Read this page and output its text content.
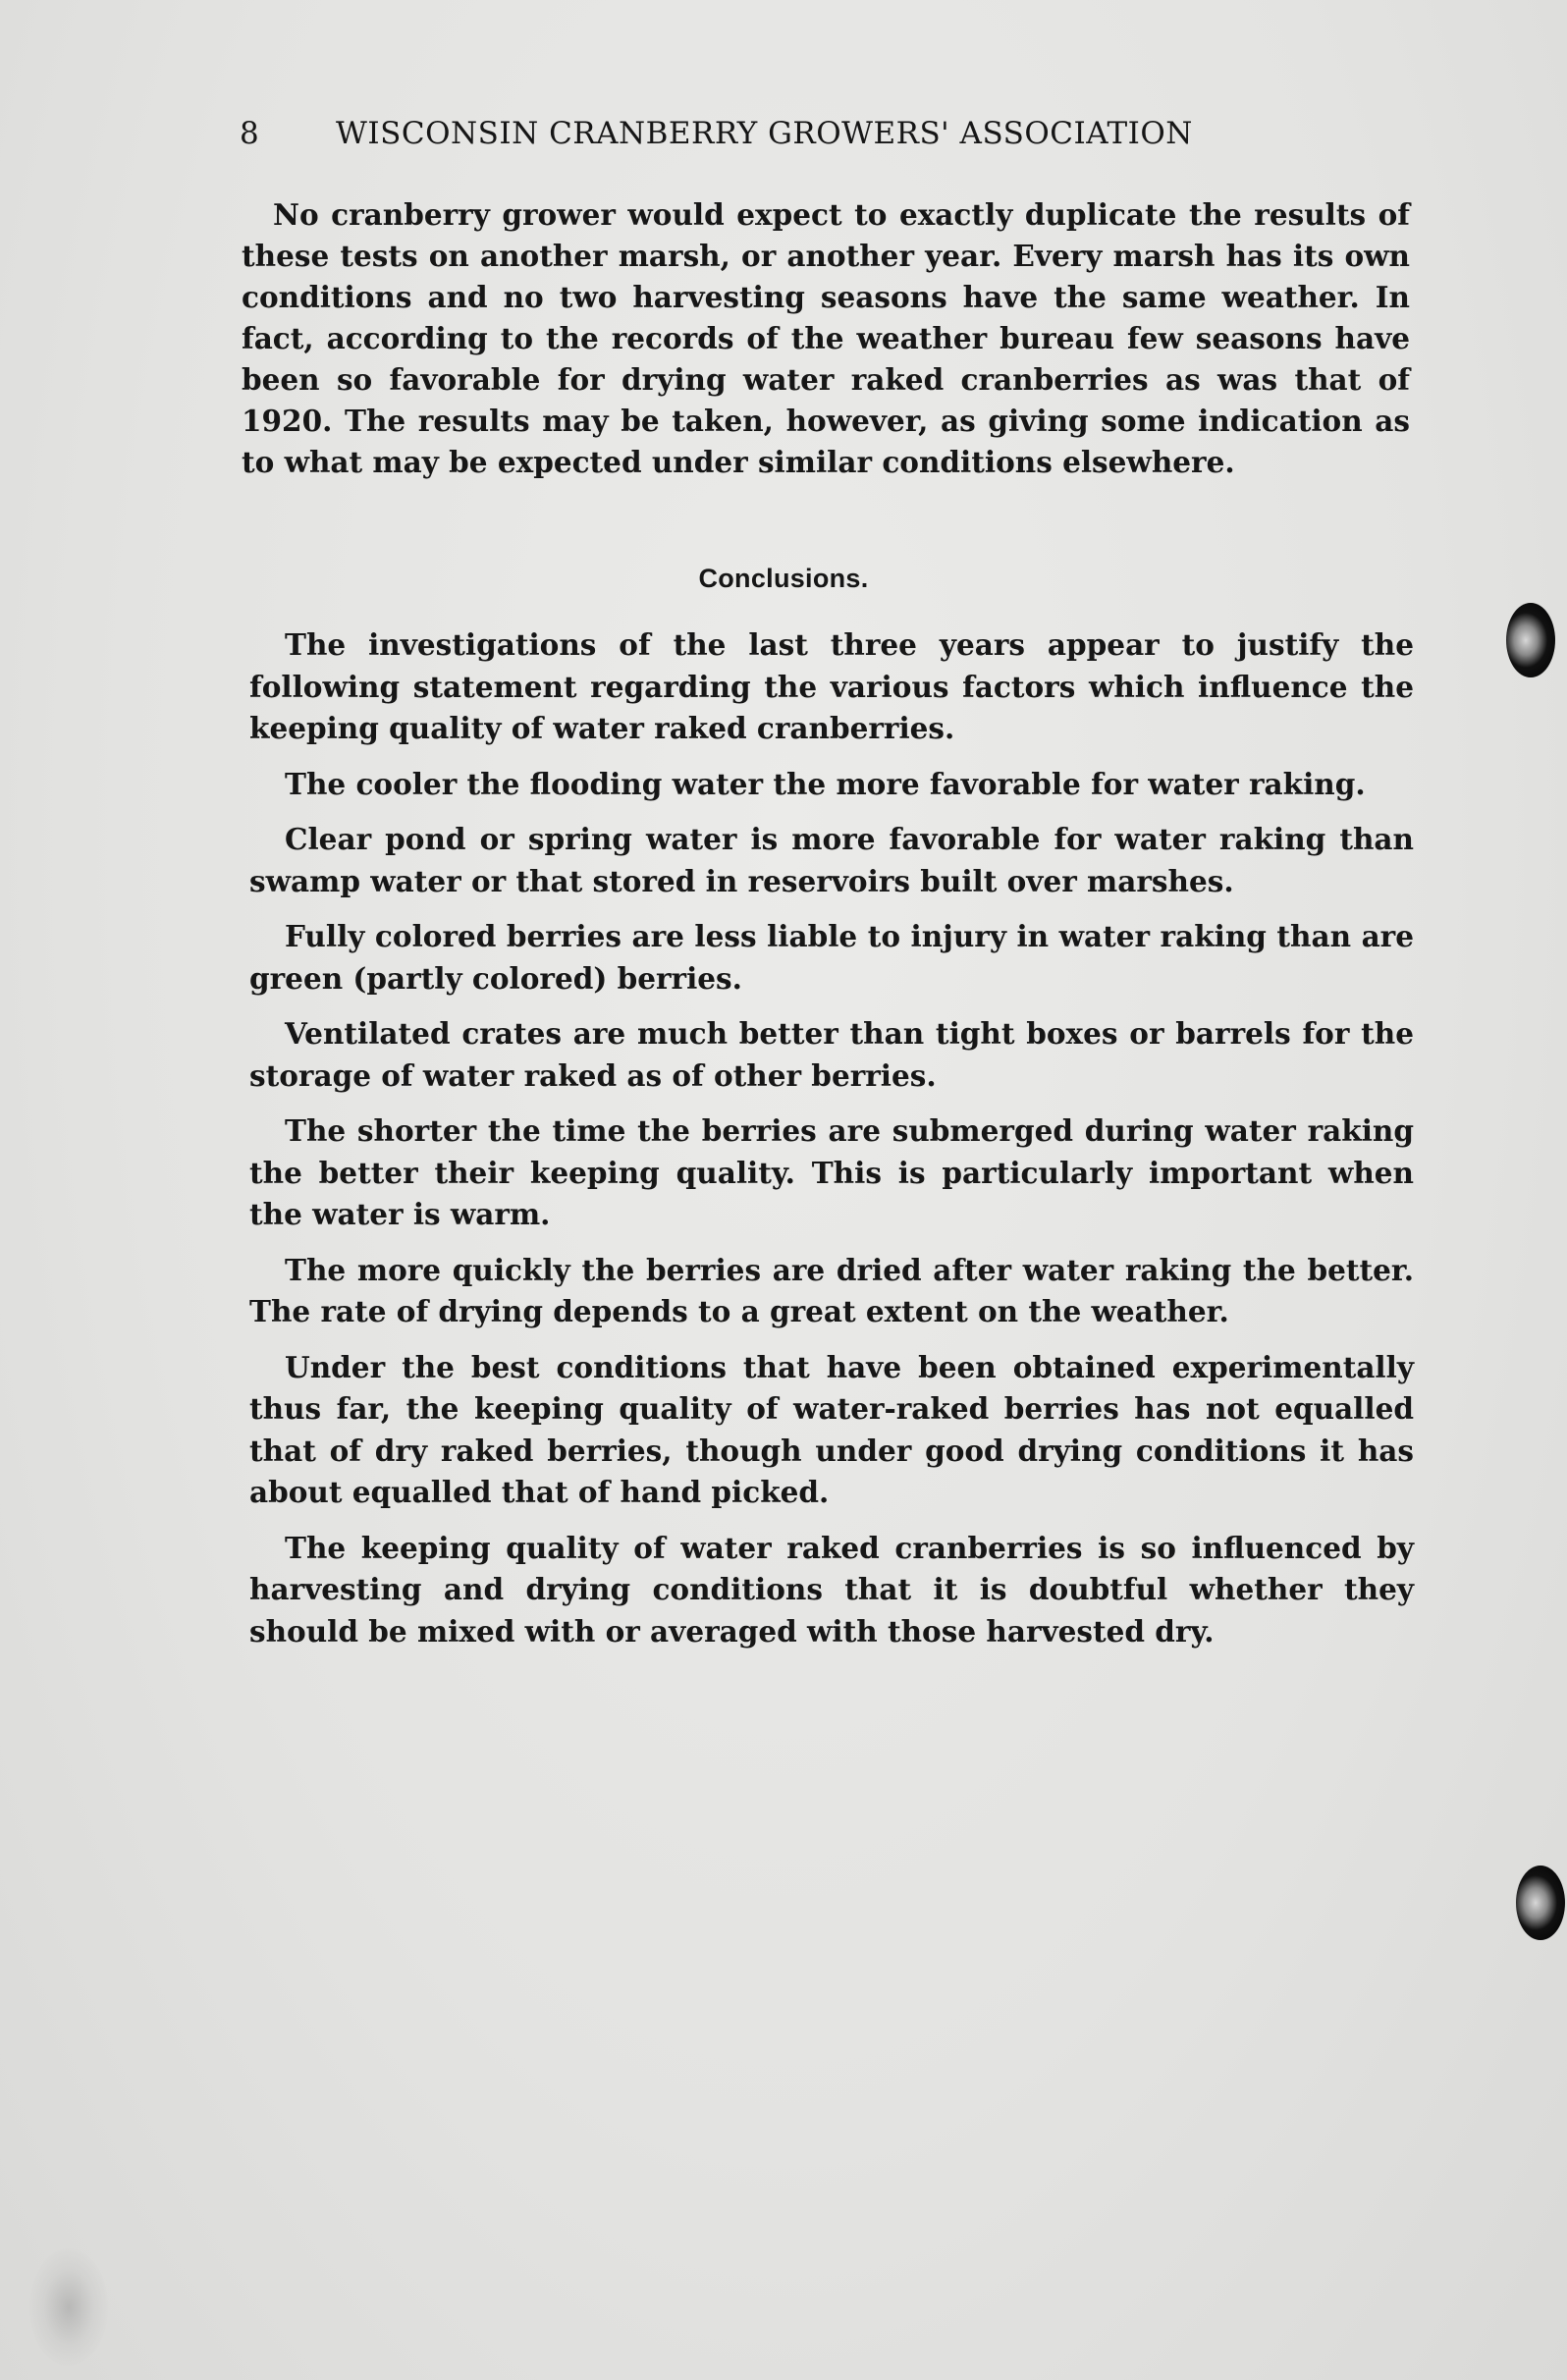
8	WISCONSIN CRANBERRY GROWERS' ASSOCIATION

No cranberry grower would expect to exactly duplicate the results of these tests on another marsh, or another year. Every marsh has its own conditions and no two harvesting seasons have the same weather. In fact, according to the records of the weather bureau few seasons have been so favorable for drying water raked cranberries as was that of 1920. The results may be taken, however, as giving some indication as to what may be expected under similar conditions elsewhere.

Conclusions.
The investigations of the last three years appear to justify the following statement regarding the various factors which influence the keeping quality of water raked cranberries.
The cooler the flooding water the more favorable for water raking.
Clear pond or spring water is more favorable for water raking than swamp water or that stored in reservoirs built over marshes.
Fully colored berries are less liable to injury in water raking than are green (partly colored) berries.
Ventilated crates are much better than tight boxes or barrels for the storage of water raked as of other berries.
The shorter the time the berries are submerged during water raking the better their keeping quality. This is particularly important when the water is warm.
The more quickly the berries are dried after water raking the better. The rate of drying depends to a great extent on the weather.
Under the best conditions that have been obtained experimentally thus far, the keeping quality of water-raked berries has not equalled that of dry raked berries, though under good drying conditions it has about equalled that of hand picked.
The keeping quality of water raked cranberries is so influenced by harvesting and drying conditions that it is doubtful whether they should be mixed with or averaged with those harvested dry.
